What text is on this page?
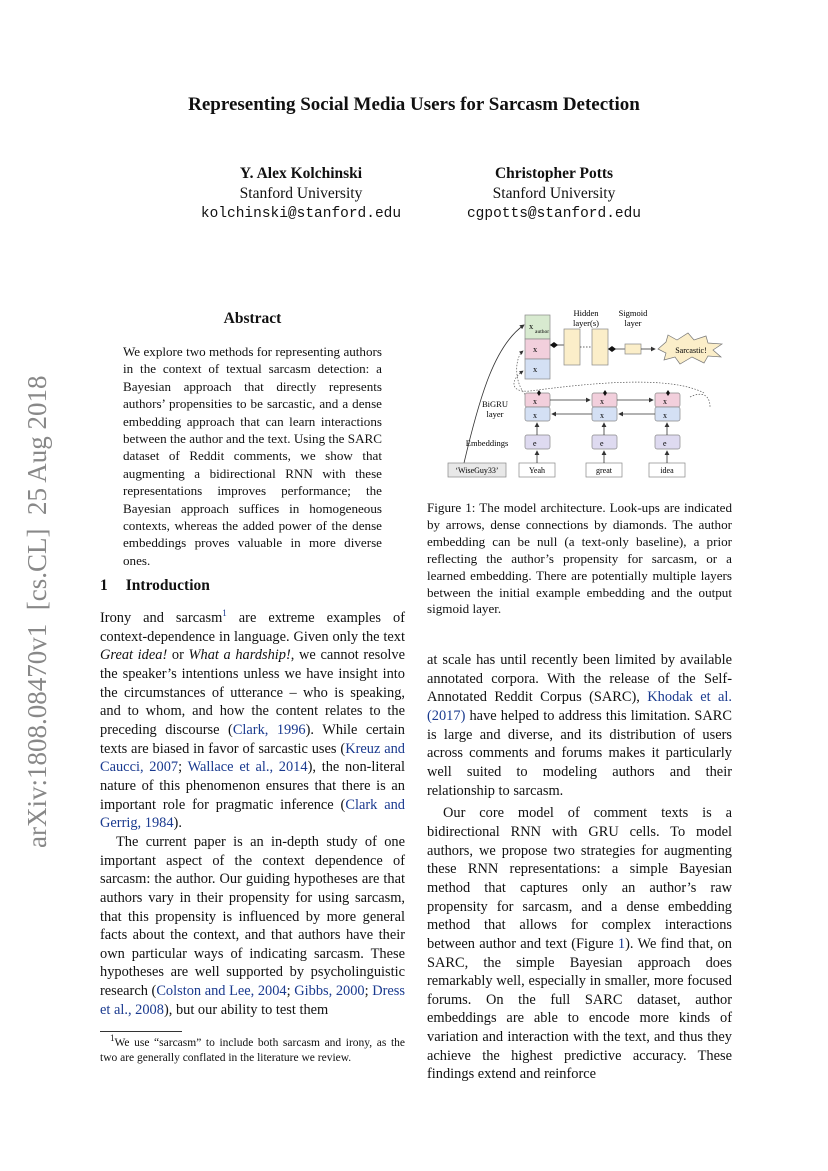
Representing Social Media Users for Sarcasm Detection
Y. Alex Kolchinski
Stanford University
kolchinski@stanford.edu
Christopher Potts
Stanford University
cgpotts@stanford.edu
arXiv:1808.08470v1  [cs.CL]  25 Aug 2018
Abstract
We explore two methods for representing authors in the context of textual sarcasm detection: a Bayesian approach that directly represents authors’ propensities to be sarcastic, and a dense embedding approach that can learn interactions between the author and the text. Using the SARC dataset of Reddit comments, we show that augmenting a bidirectional RNN with these representations improves performance; the Bayesian approach suffices in homogeneous contexts, whereas the added power of the dense embeddings proves valuable in more diverse ones.
1 Introduction

Irony and sarcasm$^1$ are extreme examples of context-dependence in language. Given only the text Great idea! or What a hardship!, we cannot resolve the speaker’s intentions unless we have insight into the circumstances of utterance – who is speaking, and to whom, and how the content relates to the preceding discourse (Clark, 1996). While certain texts are biased in favor of sarcastic uses (Kreuz and Caucci, 2007; Wallace et al., 2014), the non-literal nature of this phenomenon ensures that there is an important role for pragmatic inference (Clark and Gerrig, 1984).

The current paper is an in-depth study of one important aspect of the context dependence of sarcasm: the author. Our guiding hypotheses are that authors vary in their propensity for using sarcasm, that this propensity is influenced by more general facts about the context, and that authors have their own particular ways of indicating sarcasm. These hypotheses are well supported by psycholinguistic research (Colston and Lee, 2004; Gibbs, 2000; Dress et al., 2008), but our ability to test them

$^1$We use “sarcasm” to include both sarcasm and irony, as the two are generally conflated in the literature we review.

Hidden
layer(s)
Sigmoid
layer
x
author
x
x
Sarcastic!
BiGRU
layer
x
x
x
x
x
x
Embeddings	e	e	e
‘WiseGuy33’	Yeah	great	idea
Figure 1: The model architecture. Look-ups are indicated by arrows, dense connections by diamonds. The author embedding can be null (a text-only baseline), a prior reflecting the author’s propensity for sarcasm, or a learned embedding. There are potentially multiple layers between the initial example embedding and the output sigmoid layer.

at scale has until recently been limited by available annotated corpora. With the release of the Self-Annotated Reddit Corpus (SARC), Khodak et al. (2017) have helped to address this limitation. SARC is large and diverse, and its distribution of users across comments and forums makes it particularly well suited to modeling authors and their relationship to sarcasm.

Our core model of comment texts is a bidirectional RNN with GRU cells. To model authors, we propose two strategies for augmenting these RNN representations: a simple Bayesian method that captures only an author’s raw propensity for sarcasm, and a dense embedding method that allows for complex interactions between author and text (Figure 1). We find that, on SARC, the simple Bayesian approach does remarkably well, especially in smaller, more focused forums. On the full SARC dataset, author embeddings are able to encode more kinds of variation and interaction with the text, and thus they achieve the highest predictive accuracy. These findings extend and reinforce
